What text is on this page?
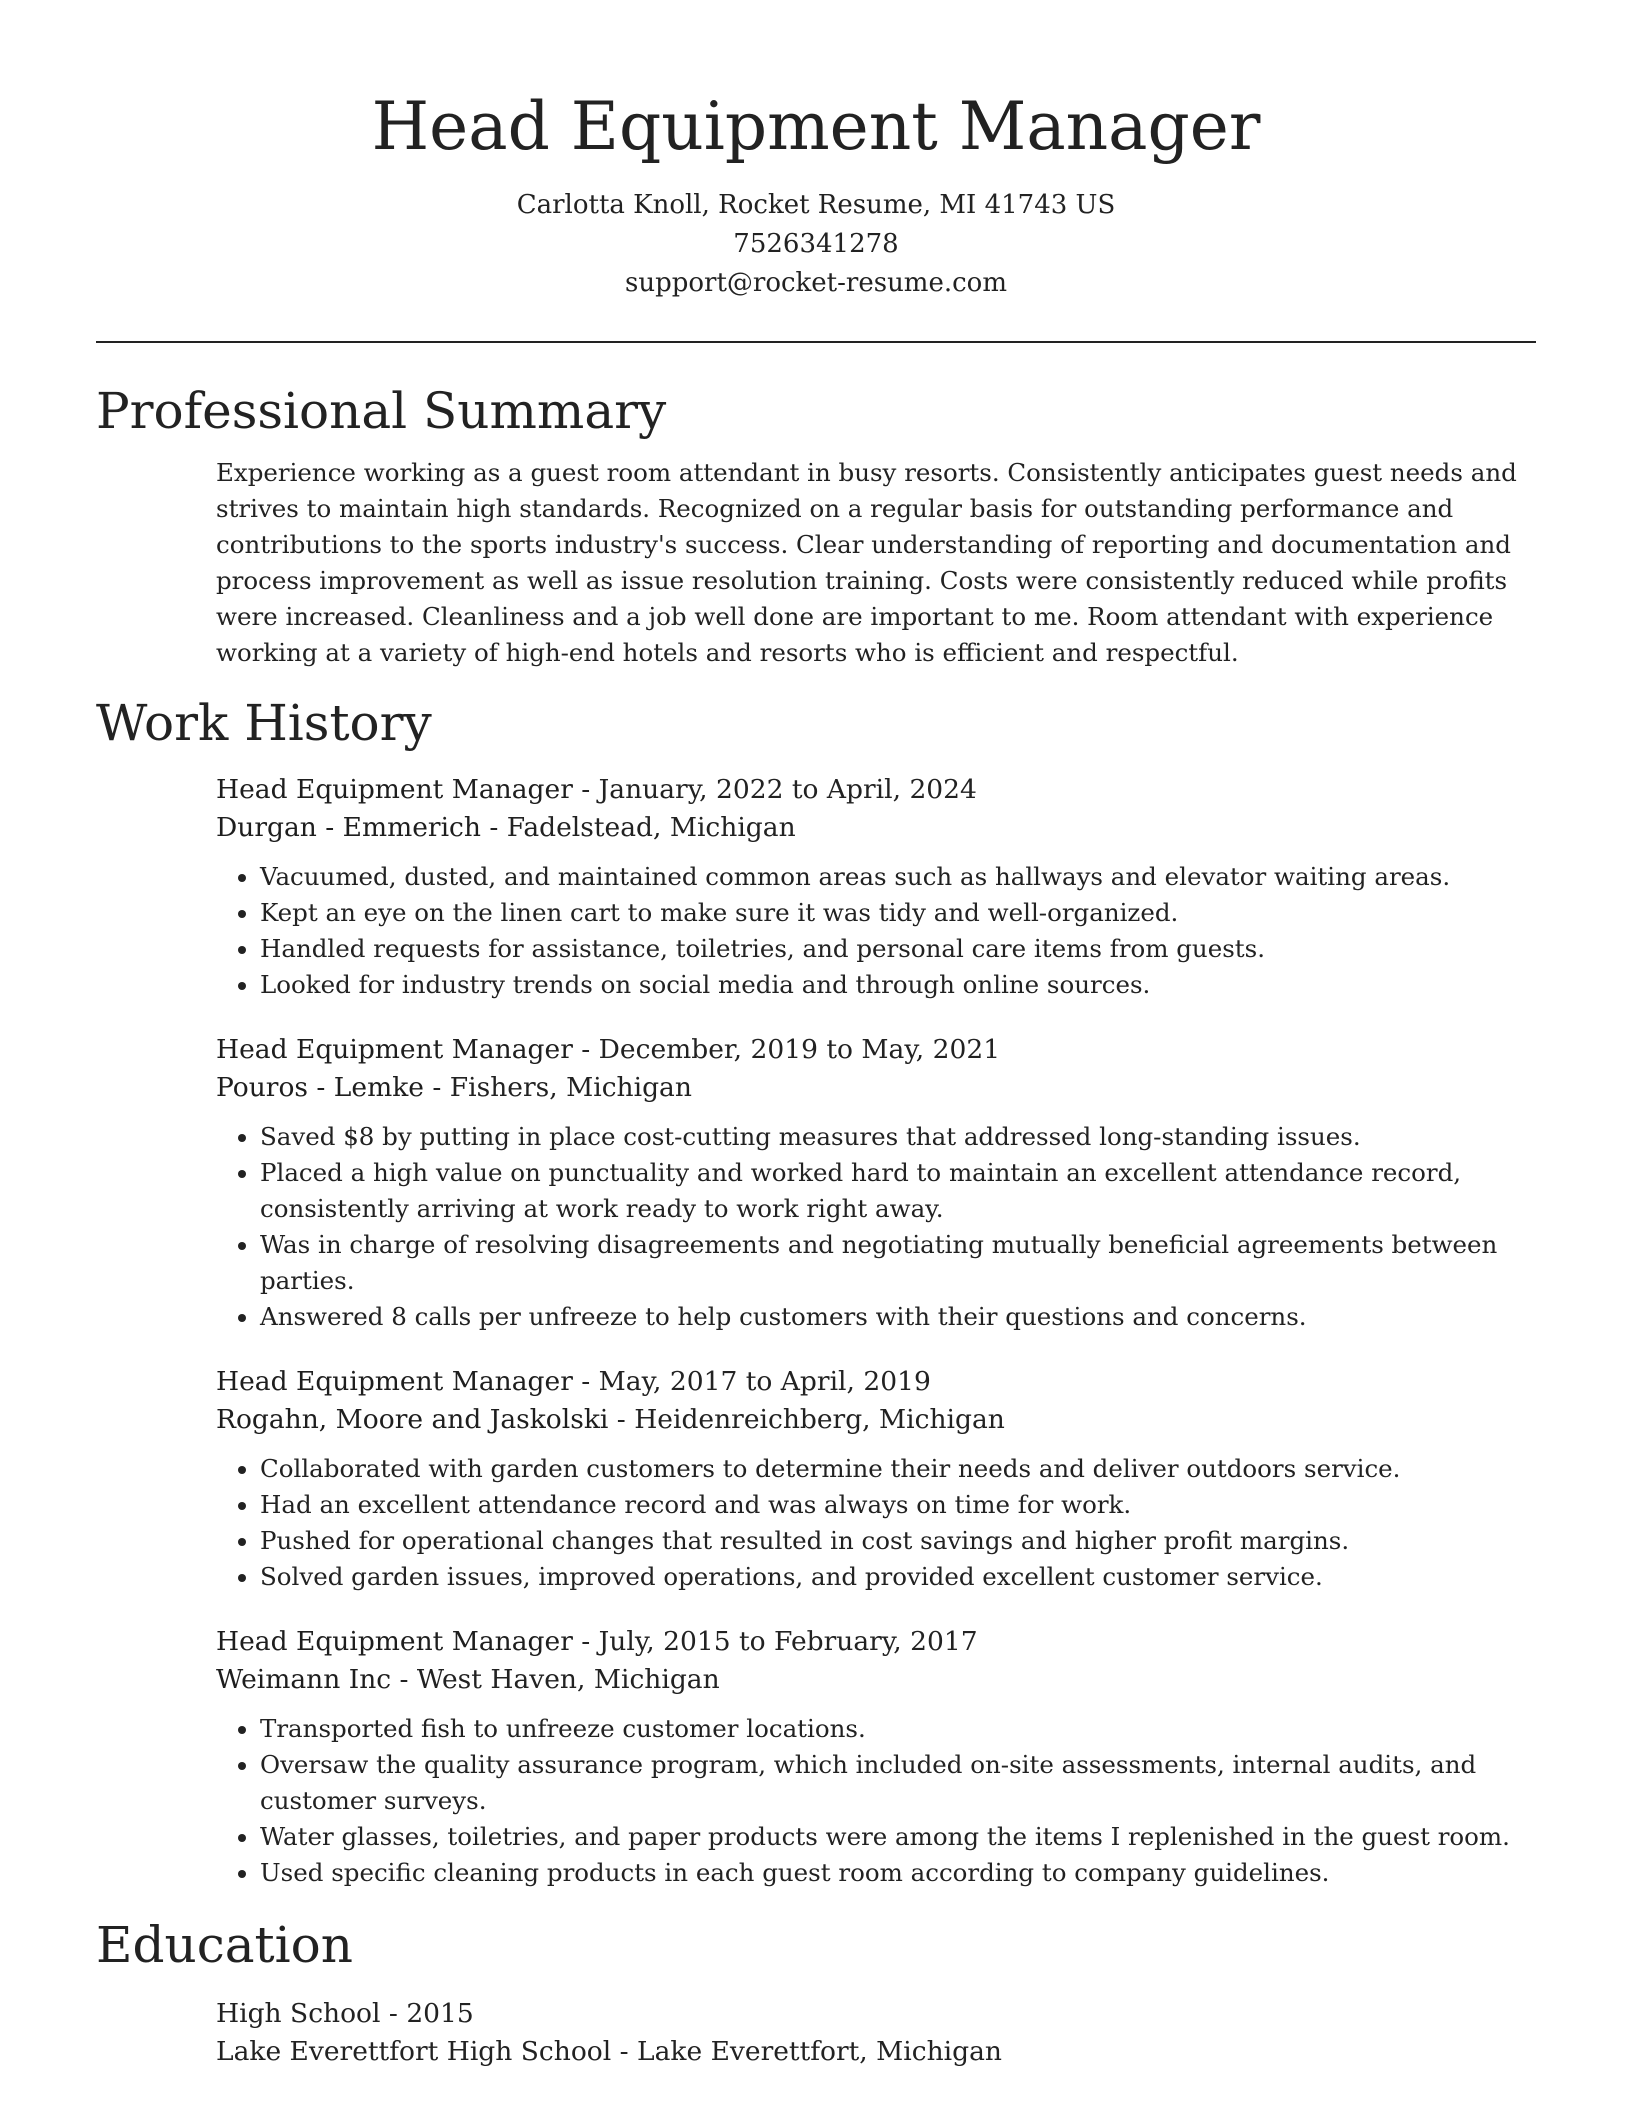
Head Equipment Manager
Carlotta Knoll, Rocket Resume, MI 41743 US
7526341278
support@rocket-resume.com
Professional Summary

Experience working as a guest room attendant in busy resorts. Consistently anticipates guest needs and strives to maintain high standards. Recognized on a regular basis for outstanding performance and contributions to the sports industry's success. Clear understanding of reporting and documentation and process improvement as well as issue resolution training. Costs were consistently reduced while profits were increased. Cleanliness and a job well done are important to me. Room attendant with experience working at a variety of high-end hotels and resorts who is efficient and respectful.

Work History
Head Equipment Manager - January, 2022 to April, 2024
Durgan - Emmerich - Fadelstead, Michigan
• Vacuumed, dusted, and maintained common areas such as hallways and elevator waiting areas.
• Kept an eye on the linen cart to make sure it was tidy and well-organized.
• Handled requests for assistance, toiletries, and personal care items from guests.
• Looked for industry trends on social media and through online sources.
Head Equipment Manager - December, 2019 to May, 2021
Pouros - Lemke - Fishers, Michigan
• Saved $8 by putting in place cost-cutting measures that addressed long-standing issues.
• Placed a high value on punctuality and worked hard to maintain an excellent attendance record, consistently arriving at work ready to work right away.
• Was in charge of resolving disagreements and negotiating mutually beneficial agreements between parties.
• Answered 8 calls per unfreeze to help customers with their questions and concerns.
Head Equipment Manager - May, 2017 to April, 2019
Rogahn, Moore and Jaskolski - Heidenreichberg, Michigan
• Collaborated with garden customers to determine their needs and deliver outdoors service.
• Had an excellent attendance record and was always on time for work.
• Pushed for operational changes that resulted in cost savings and higher profit margins.
• Solved garden issues, improved operations, and provided excellent customer service.
Head Equipment Manager - July, 2015 to February, 2017
Weimann Inc - West Haven, Michigan
• Transported fish to unfreeze customer locations.
• Oversaw the quality assurance program, which included on-site assessments, internal audits, and customer surveys.
• Water glasses, toiletries, and paper products were among the items I replenished in the guest room.
• Used specific cleaning products in each guest room according to company guidelines.
Education
High School - 2015
Lake Everettfort High School - Lake Everettfort, Michigan
